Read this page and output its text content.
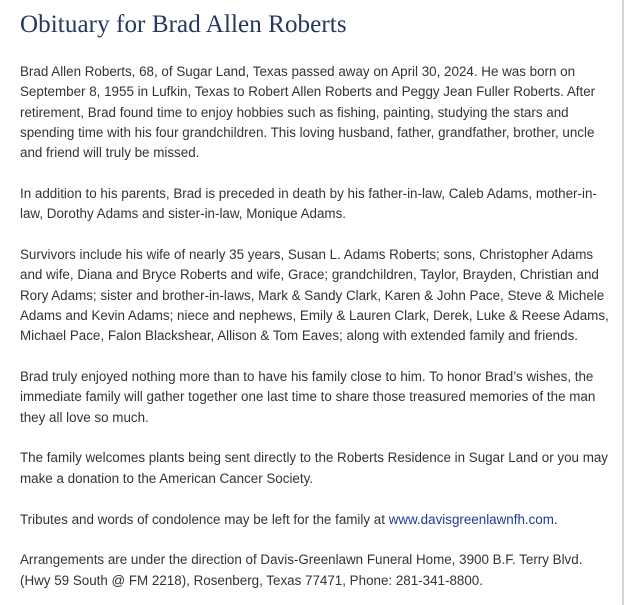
Obituary for Brad Allen Roberts

Brad Allen Roberts, 68, of Sugar Land, Texas passed away on April 30, 2024. He was born on September 8, 1955 in Lufkin, Texas to Robert Allen Roberts and Peggy Jean Fuller Roberts. After retirement, Brad found time to enjoy hobbies such as fishing, painting, studying the stars and spending time with his four grandchildren. This loving husband, father, grandfather, brother, uncle and friend will truly be missed.

In addition to his parents, Brad is preceded in death by his father-in-law, Caleb Adams, mother-in-law, Dorothy Adams and sister-in-law, Monique Adams.

Survivors include his wife of nearly 35 years, Susan L. Adams Roberts; sons, Christopher Adams and wife, Diana and Bryce Roberts and wife, Grace; grandchildren, Taylor, Brayden, Christian and Rory Adams; sister and brother-in-laws, Mark & Sandy Clark, Karen & John Pace, Steve & Michele Adams and Kevin Adams; niece and nephews, Emily & Lauren Clark, Derek, Luke & Reese Adams, Michael Pace, Falon Blackshear, Allison & Tom Eaves; along with extended family and friends.

Brad truly enjoyed nothing more than to have his family close to him. To honor Brad’s wishes, the immediate family will gather together one last time to share those treasured memories of the man they all love so much.

The family welcomes plants being sent directly to the Roberts Residence in Sugar Land or you may make a donation to the American Cancer Society.

Tributes and words of condolence may be left for the family at www.davisgreenlawnfh.com.

Arrangements are under the direction of Davis-Greenlawn Funeral Home, 3900 B.F. Terry Blvd. (Hwy 59 South @ FM 2218), Rosenberg, Texas 77471, Phone: 281-341-8800.
